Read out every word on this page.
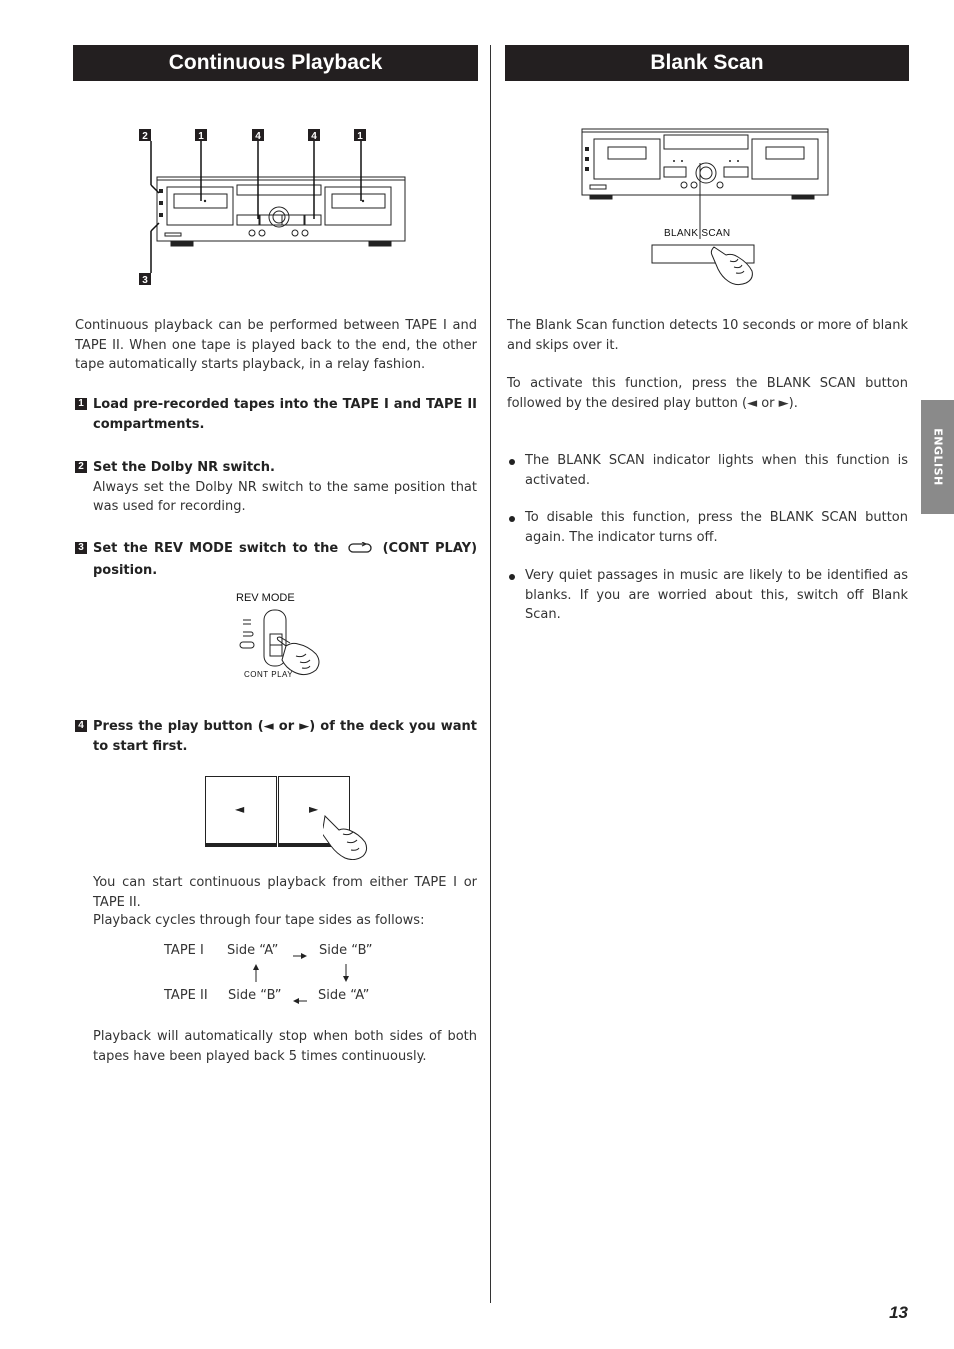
Continuous Playback	Blank Scan
2	1	4	4	1
3
Continuous playback can be performed between TAPE I and TAPE II. When one tape is played back to the end, the other tape automatically starts playback, in a relay fashion.
1 Load pre-recorded tapes into the TAPE I and TAPE II compartments.
2 Set the Dolby NR switch.
Always set the Dolby NR switch to the same position that was used for recording.
3 Set the REV MODE switch to the	(CONT PLAY) position.
REV MODE
CONT PLAY
4 Press the play button (◄ or ►) of the deck you want to start first.
◄	►
You can start continuous playback from either TAPE I or TAPE II.
Playback cycles through four tape sides as follows:
TAPE I Side “A”	Side “B”
TAPE II Side “B”	Side “A”
Playback will automatically stop when both sides of both tapes have been played back 5 times continuously.
BLANK SCAN
The Blank Scan function detects 10 seconds or more of blank and skips over it.
To activate this function, press the BLANK SCAN button followed by the desired play button (◄ or ►).
The BLANK SCAN indicator lights when this function is activated.
To disable this function, press the BLANK SCAN button again. The indicator turns off.
Very quiet passages in music are likely to be identified as blanks. If you are worried about this, switch off Blank Scan.
ENGLISH
13
